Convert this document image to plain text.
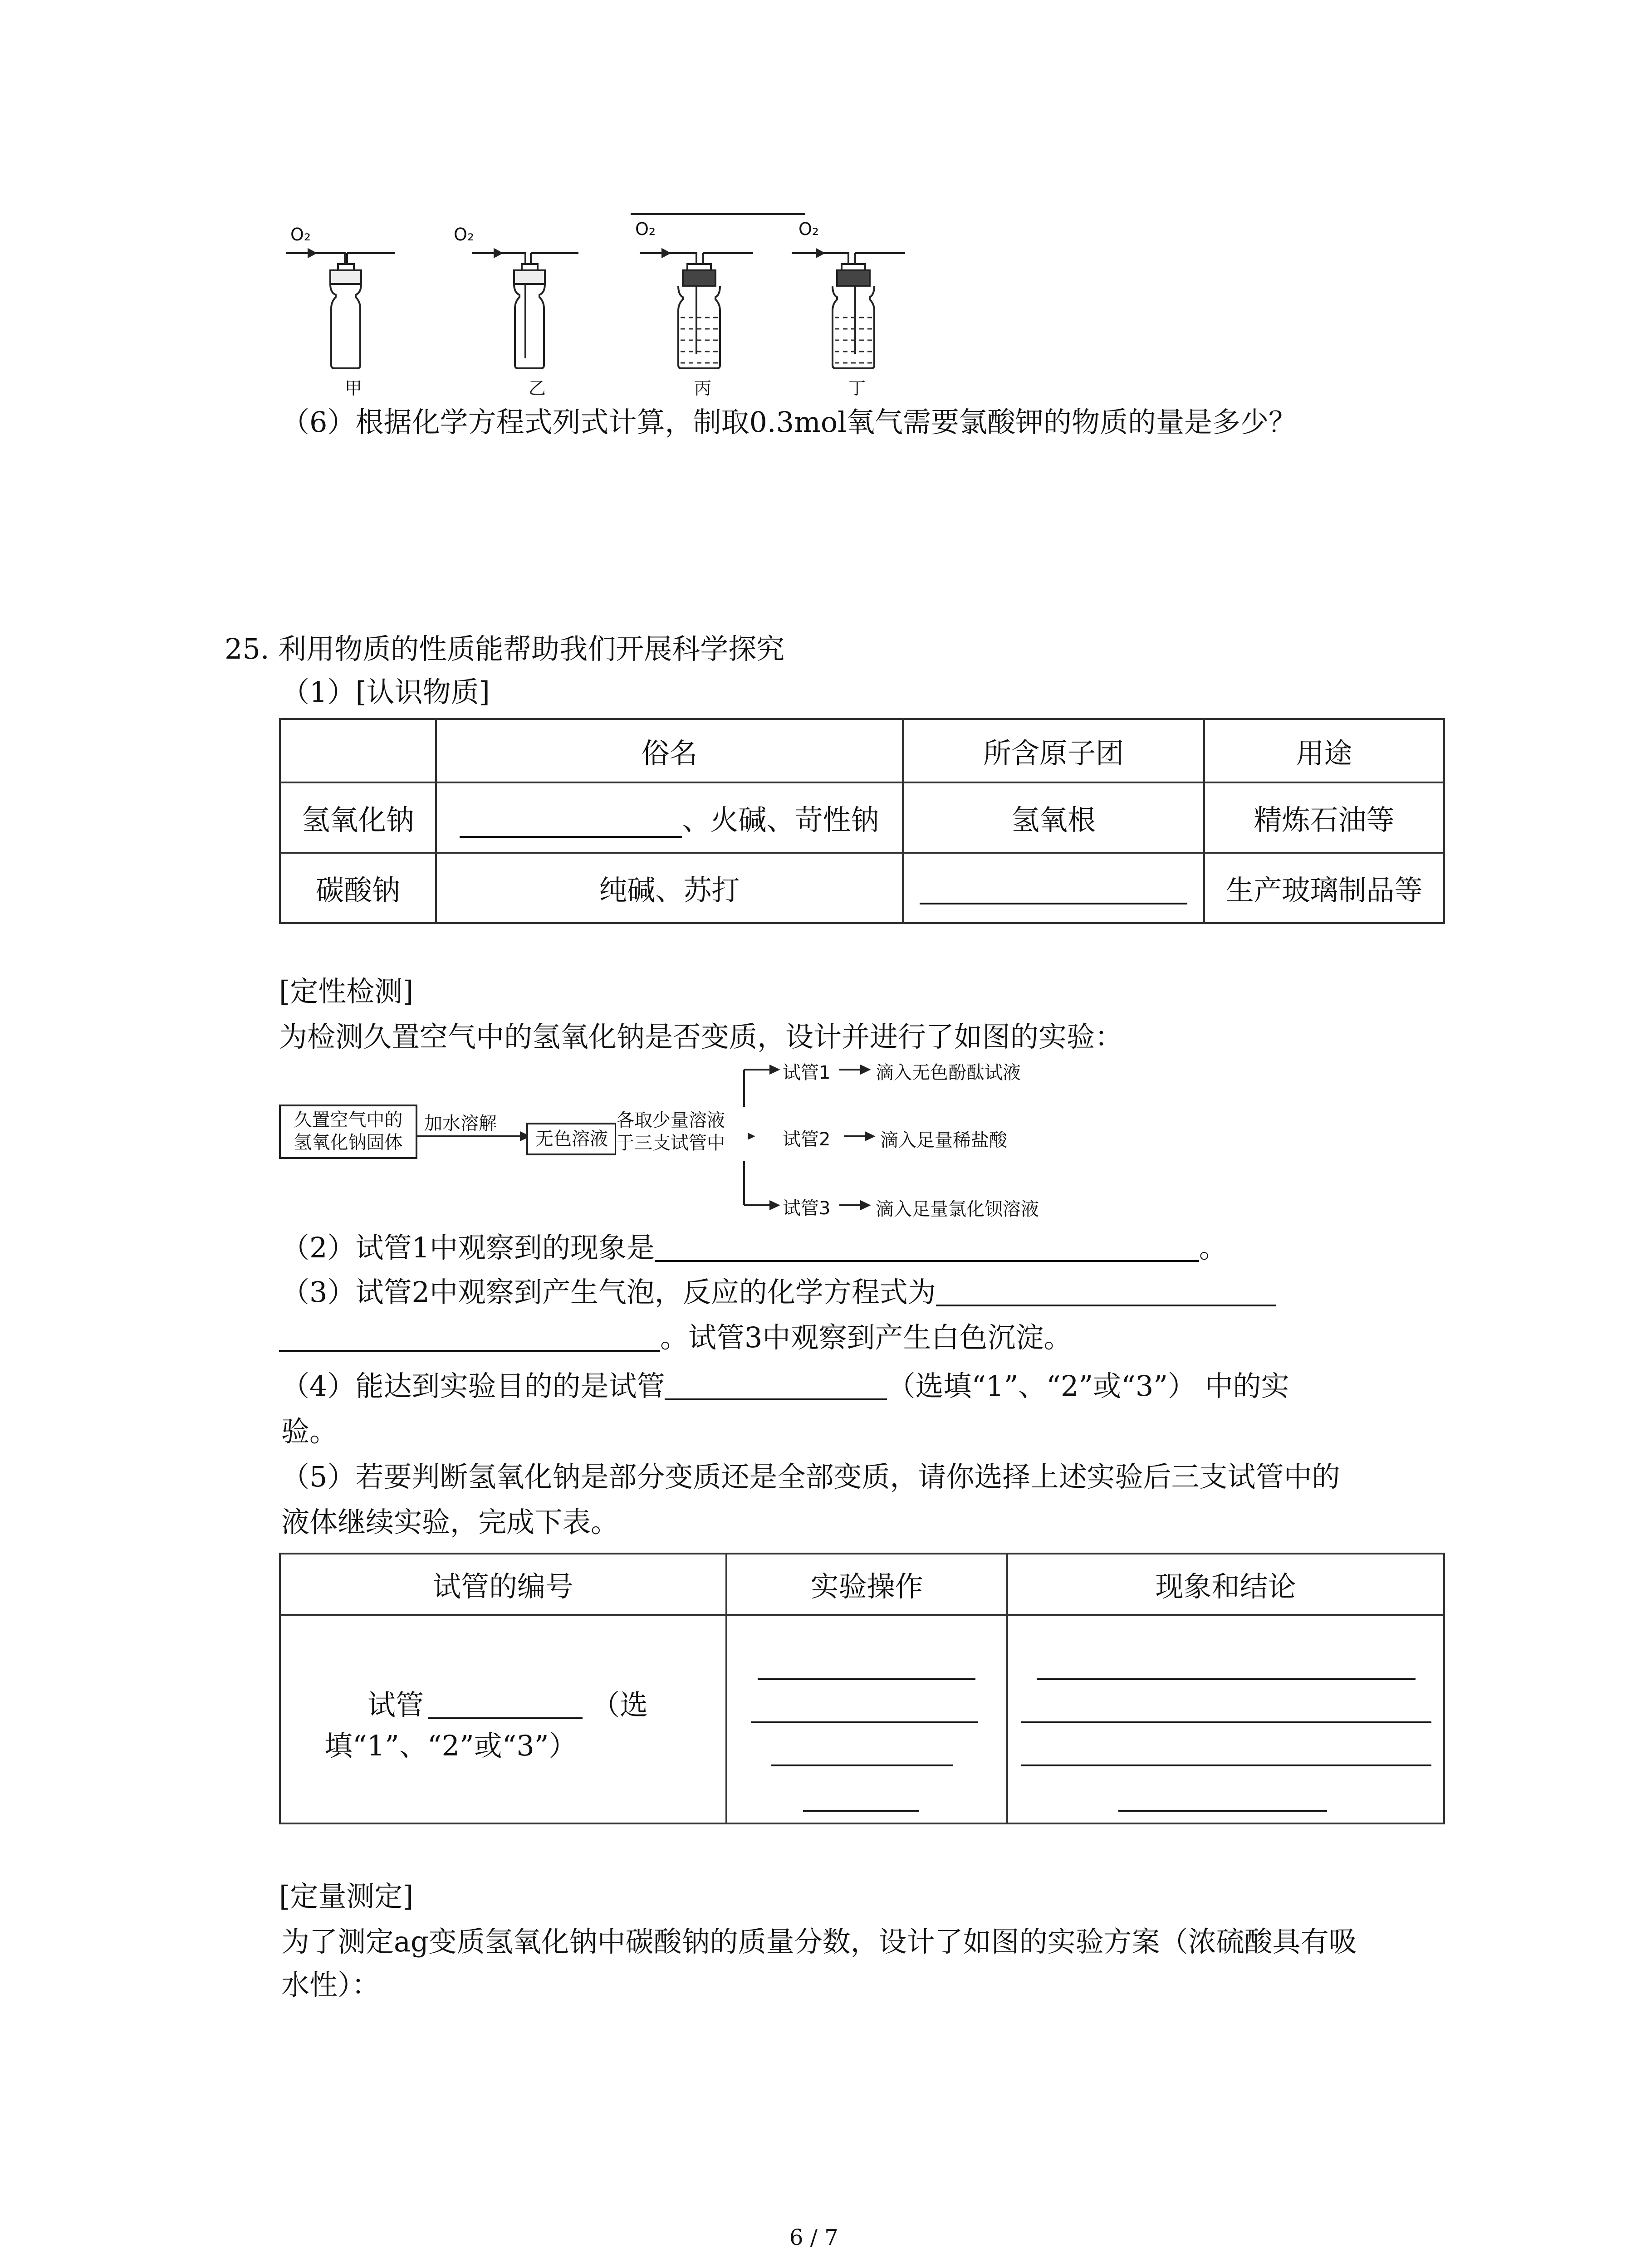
O₂	O₂	O₂	O₂
甲	乙	丙	丁
（6）根据化学方程式列式计算，制取0.3mol氧气需要氯酸钾的物质的量是多少？
25. 利用物质的性质能帮助我们开展科学探究
（1）[认识物质]
	俗名	所含原子团	用途
氢氧化钠	、火碱、苛性钠	氢氧根	精炼石油等
碳酸钠	纯碱、苏打		生产玻璃制品等
[定性检测]
为检测久置空气中的氢氧化钠是否变质，设计并进行了如图的实验：
久置空气中的
氢氧化钠固体
加水溶解
无色溶液
各取少量溶液
于三支试管中
试管1 滴入无色酚酞试液
试管2	滴入足量稀盐酸
试管3 滴入足量氯化钡溶液
（2）试管1中观察到的现象是	。
（3）试管2中观察到产生气泡，反应的化学方程式为
。试管3中观察到产生白色沉淀。
（4）能达到实验目的的是试管	（选填“1”、“2”或“3”） 中的实
验。
（5）若要判断氢氧化钠是部分变质还是全部变质，请你选择上述实验后三支试管中的
液体继续实验，完成下表。
试管的编号	实验操作	现象和结论

试管	（选
填“1”、“2”或“3”）
[定量测定]
为了测定ag变质氢氧化钠中碳酸钠的质量分数，设计了如图的实验方案（浓硫酸具有吸
水性）：
6 / 7
